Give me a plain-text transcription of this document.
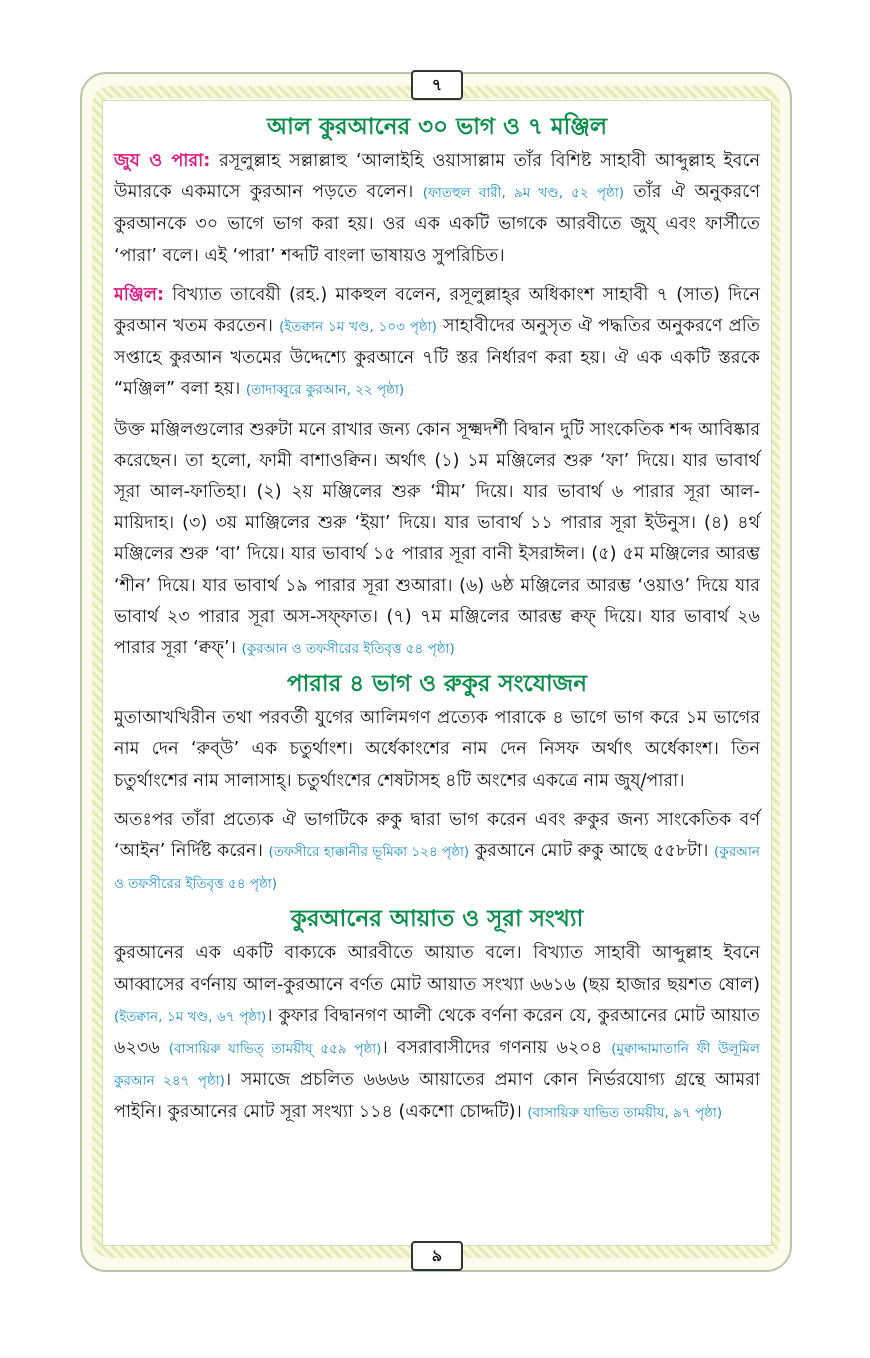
৭
৯
আল কুরআনের ৩০ ভাগ ও ৭ মঞ্জিল

জুয ও পারা: রসূলুল্লাহ সল্লাল্লাহু ‘আলাইহি ওয়াসাল্লাম তাঁর বিশিষ্ট সাহাবী আব্দুল্লাহ ইবনে উমারকে একমাসে কুরআন পড়তে বলেন। (ফাতহুল বারী, ৯ম খণ্ড, ৫২ পৃষ্ঠা) তাঁর ঐ অনুকরণে কুরআনকে ৩০ ভাগে ভাগ করা হয়। ওর এক একটি ভাগকে আরবীতে জুয্‌ এবং ফার্সীতে ‘পারা’ বলে। এই ‘পারা’ শব্দটি বাংলা ভাষায়ও সুপরিচিত।

মঞ্জিল: বিখ্যাত তাবেয়ী (রহ.) মাকহুল বলেন, রসূলুল্লাহ্‌র অধিকাংশ সাহাবী ৭ (সাত) দিনে কুরআন খতম করতেন। (ইতক্বান ১ম খণ্ড, ১০৩ পৃষ্ঠা) সাহাবীদের অনুসৃত ঐ পদ্ধতির অনুকরণে প্রতি সপ্তাহে কুরআন খতমের উদ্দেশ্যে কুরআনে ৭টি স্তর নির্ধারণ করা হয়। ঐ এক একটি স্তরকে “মঞ্জিল” বলা হয়। (তাদাব্বুরে কুরআন, ২২ পৃষ্ঠা)

উক্ত মঞ্জিলগুলোর শুরুটা মনে রাখার জন্য কোন সূক্ষ্মদর্শী বিদ্বান দুটি সাংকেতিক শব্দ আবিষ্কার করেছেন। তা হলো, ফামী বাশাওক্বিন। অর্থাৎ (১) ১ম মঞ্জিলের শুরু ‘ফা’ দিয়ে। যার ভাবার্থ সূরা আল-ফাতিহা। (২) ২য় মঞ্জিলের শুরু ‘মীম’ দিয়ে। যার ভাবার্থ ৬ পারার সূরা আল-মায়িদাহ। (৩) ৩য় মাঞ্জিলের শুরু ‘ইয়া’ দিয়ে। যার ভাবার্থ ১১ পারার সূরা ইউনুস। (৪) ৪র্থ মঞ্জিলের শুরু ‘বা’ দিয়ে। যার ভাবার্থ ১৫ পারার সূরা বানী ইসরাঈল। (৫) ৫ম মঞ্জিলের আরম্ভ ‘শীন’ দিয়ে। যার ভাবার্থ ১৯ পারার সূরা শুআরা। (৬) ৬ষ্ঠ মঞ্জিলের আরম্ভ ‘ওয়াও’ দিয়ে যার ভাবার্থ ২৩ পারার সূরা অস-সফ্‌ফাত। (৭) ৭ম মঞ্জিলের আরম্ভ ক্বফ্‌ দিয়ে। যার ভাবার্থ ২৬ পারার সূরা ‘ক্বফ্‌’। (কুরআন ও তফসীরের ইতিবৃত্ত ৫৪ পৃষ্ঠা)

পারার ৪ ভাগ ও রুকুর সংযোজন

মুতাআখখিরীন তথা পরবর্তী যুগের আলিমগণ প্রত্যেক পারাকে ৪ ভাগে ভাগ করে ১ম ভাগের নাম দেন ‘রুব্‌উ’ এক চতুর্থাংশ। অর্ধেকাংশের নাম দেন নিসফ অর্থাৎ অর্ধেকাংশ। তিন চতুর্থাংশের নাম সালাসাহ্‌। চতুর্থাংশের শেষটাসহ ৪টি অংশের একত্রে নাম জুয্‌/পারা।

অতঃপর তাঁরা প্রত্যেক ঐ ভাগটিকে রুকু দ্বারা ভাগ করেন এবং রুকুর জন্য সাংকেতিক বর্ণ ‘আইন’ নির্দিষ্ট করেন। (তফসীরে হাক্কানীর ভূমিকা ১২৪ পৃষ্ঠা) কুরআনে মোট রুকু আছে ৫৫৮টা। (কুরআন ও তফসীরের ইতিবৃত্ত ৫৪ পৃষ্ঠা)

কুরআনের আয়াত ও সূরা সংখ্যা

কুরআনের এক একটি বাক্যকে আরবীতে আয়াত বলে। বিখ্যাত সাহাবী আব্দুল্লাহ ইবনে আব্বাসের বর্ণনায় আল-কুরআনে বর্ণত মোট আয়াত সংখ্যা ৬৬১৬ (ছয় হাজার ছয়শত ষোল) (ইতক্বান, ১ম খণ্ড, ৬৭ পৃষ্ঠা)। কুফার বিদ্বানগণ আলী থেকে বর্ণনা করেন যে, কুরআনের মোট আয়াত ৬২৩৬ (বাসায়িরু যাভিত্‌ তাময়ীয্‌ ৫৫৯ পৃষ্ঠা)। বসরাবাসীদের গণনায় ৬২০৪ (মুক্বাদ্দামাতানি ফী উলূমিল কুরআন ২৪৭ পৃষ্ঠা)। সমাজে প্রচলিত ৬৬৬৬ আয়াতের প্রমাণ কোন নির্ভরযোগ্য গ্রন্থে আমরা পাইনি। কুরআনের মোট সূরা সংখ্যা ১১৪ (একশো চোদ্দটি)। (বাসায়িরু যাভিত তাময়ীয, ৯৭ পৃষ্ঠা)
